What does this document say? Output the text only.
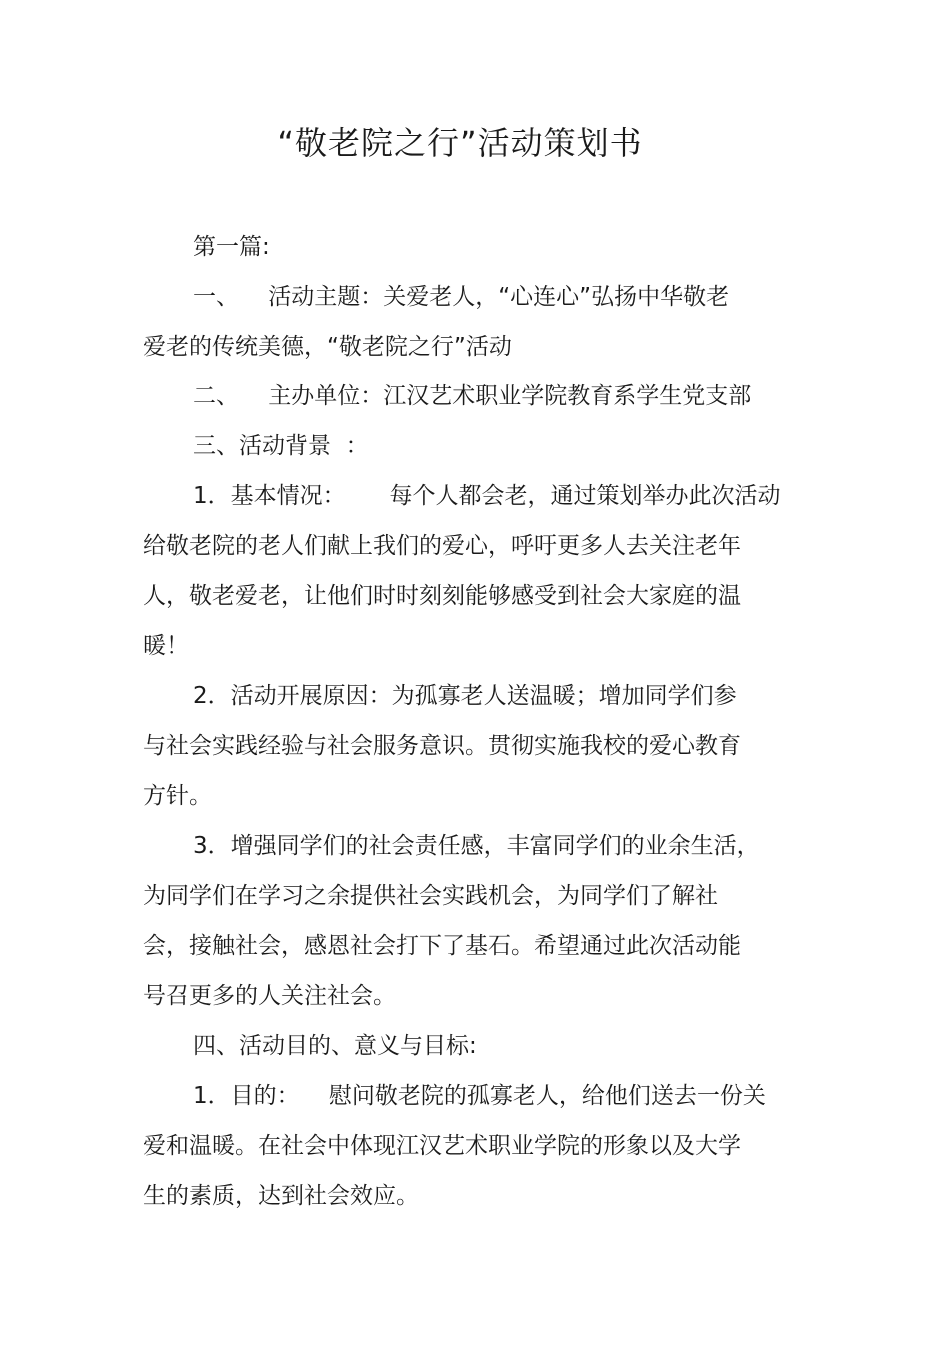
“敬老院之行”活动策划书
第一篇:
一、    活动主题：关爱老人，“心连心”弘扬中华敬老
爱老的传统美德，“敬老院之行”活动
二、    主办单位：江汉艺术职业学院教育系学生党支部
三、活动背景  ：
1．基本情况：      每个人都会老，通过策划举办此次活动
给敬老院的老人们献上我们的爱心，呼吁更多人去关注老年
人，敬老爱老，让他们时时刻刻能够感受到社会大家庭的温
暖！
2．活动开展原因：为孤寡老人送温暖；增加同学们参
与社会实践经验与社会服务意识。贯彻实施我校的爱心教育
方针。
3．增强同学们的社会责任感，丰富同学们的业余生活，
为同学们在学习之余提供社会实践机会，为同学们了解社
会，接触社会，感恩社会打下了基石。希望通过此次活动能
号召更多的人关注社会。
四、活动目的、意义与目标:
1．目的：    慰问敬老院的孤寡老人，给他们送去一份关
爱和温暖。在社会中体现江汉艺术职业学院的形象以及大学
生的素质，达到社会效应。
